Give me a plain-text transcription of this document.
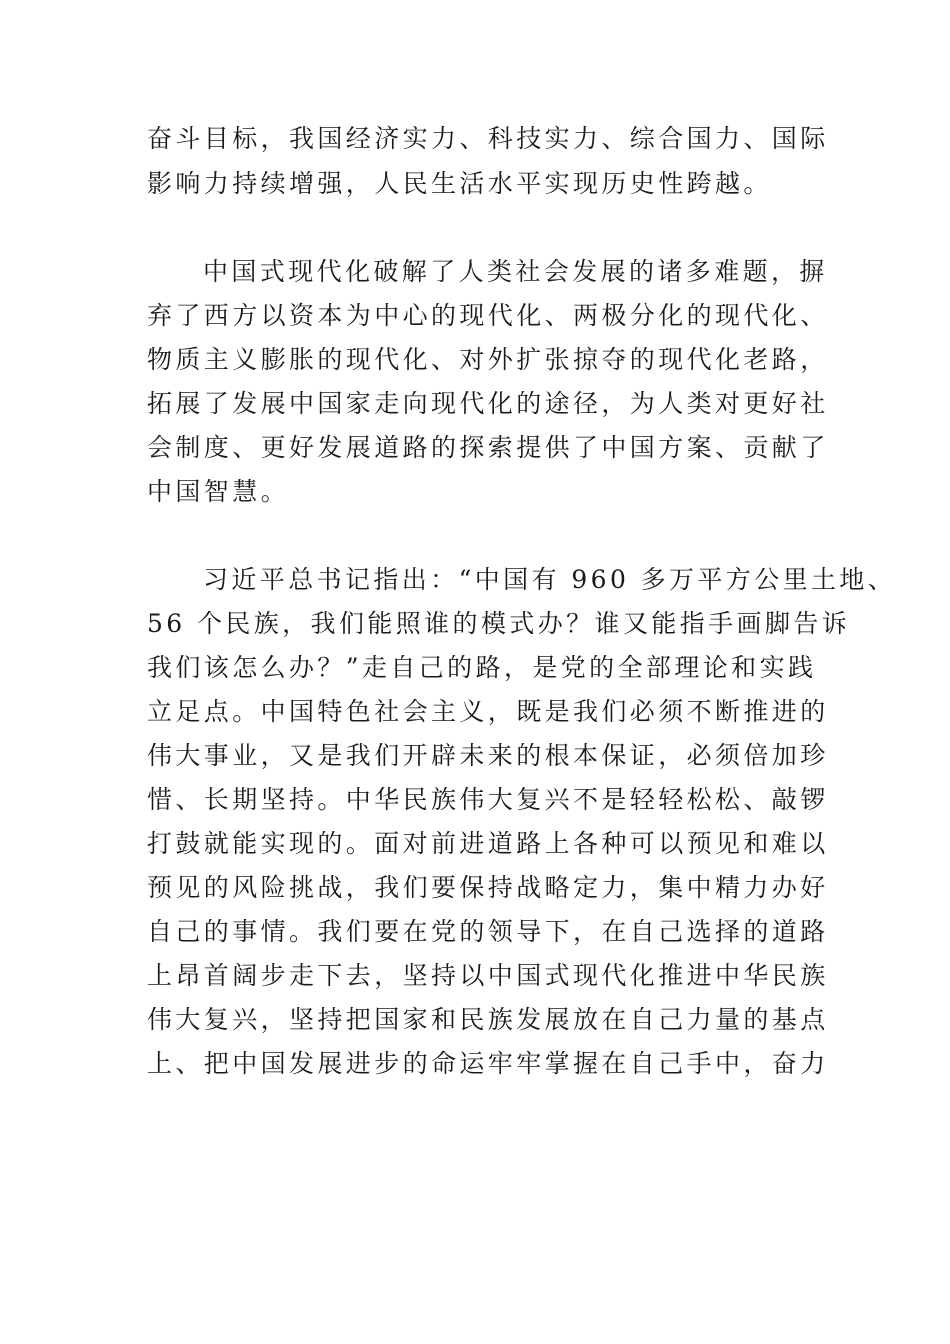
奋斗目标，我国经济实力、科技实力、综合国力、国际
影响力持续增强，人民生活水平实现历史性跨越。
中国式现代化破解了人类社会发展的诸多难题，摒
弃了西方以资本为中心的现代化、两极分化的现代化、
物质主义膨胀的现代化、对外扩张掠夺的现代化老路，
拓展了发展中国家走向现代化的途径，为人类对更好社
会制度、更好发展道路的探索提供了中国方案、贡献了
中国智慧。
习近平总书记指出：“中国有 960 多万平方公里土地、
56 个民族，我们能照谁的模式办？谁又能指手画脚告诉
我们该怎么办？”走自己的路，是党的全部理论和实践
立足点。中国特色社会主义，既是我们必须不断推进的
伟大事业，又是我们开辟未来的根本保证，必须倍加珍
惜、长期坚持。中华民族伟大复兴不是轻轻松松、敲锣
打鼓就能实现的。面对前进道路上各种可以预见和难以
预见的风险挑战，我们要保持战略定力，集中精力办好
自己的事情。我们要在党的领导下，在自己选择的道路
上昂首阔步走下去，坚持以中国式现代化推进中华民族
伟大复兴，坚持把国家和民族发展放在自己力量的基点
上、把中国发展进步的命运牢牢掌握在自己手中，奋力
